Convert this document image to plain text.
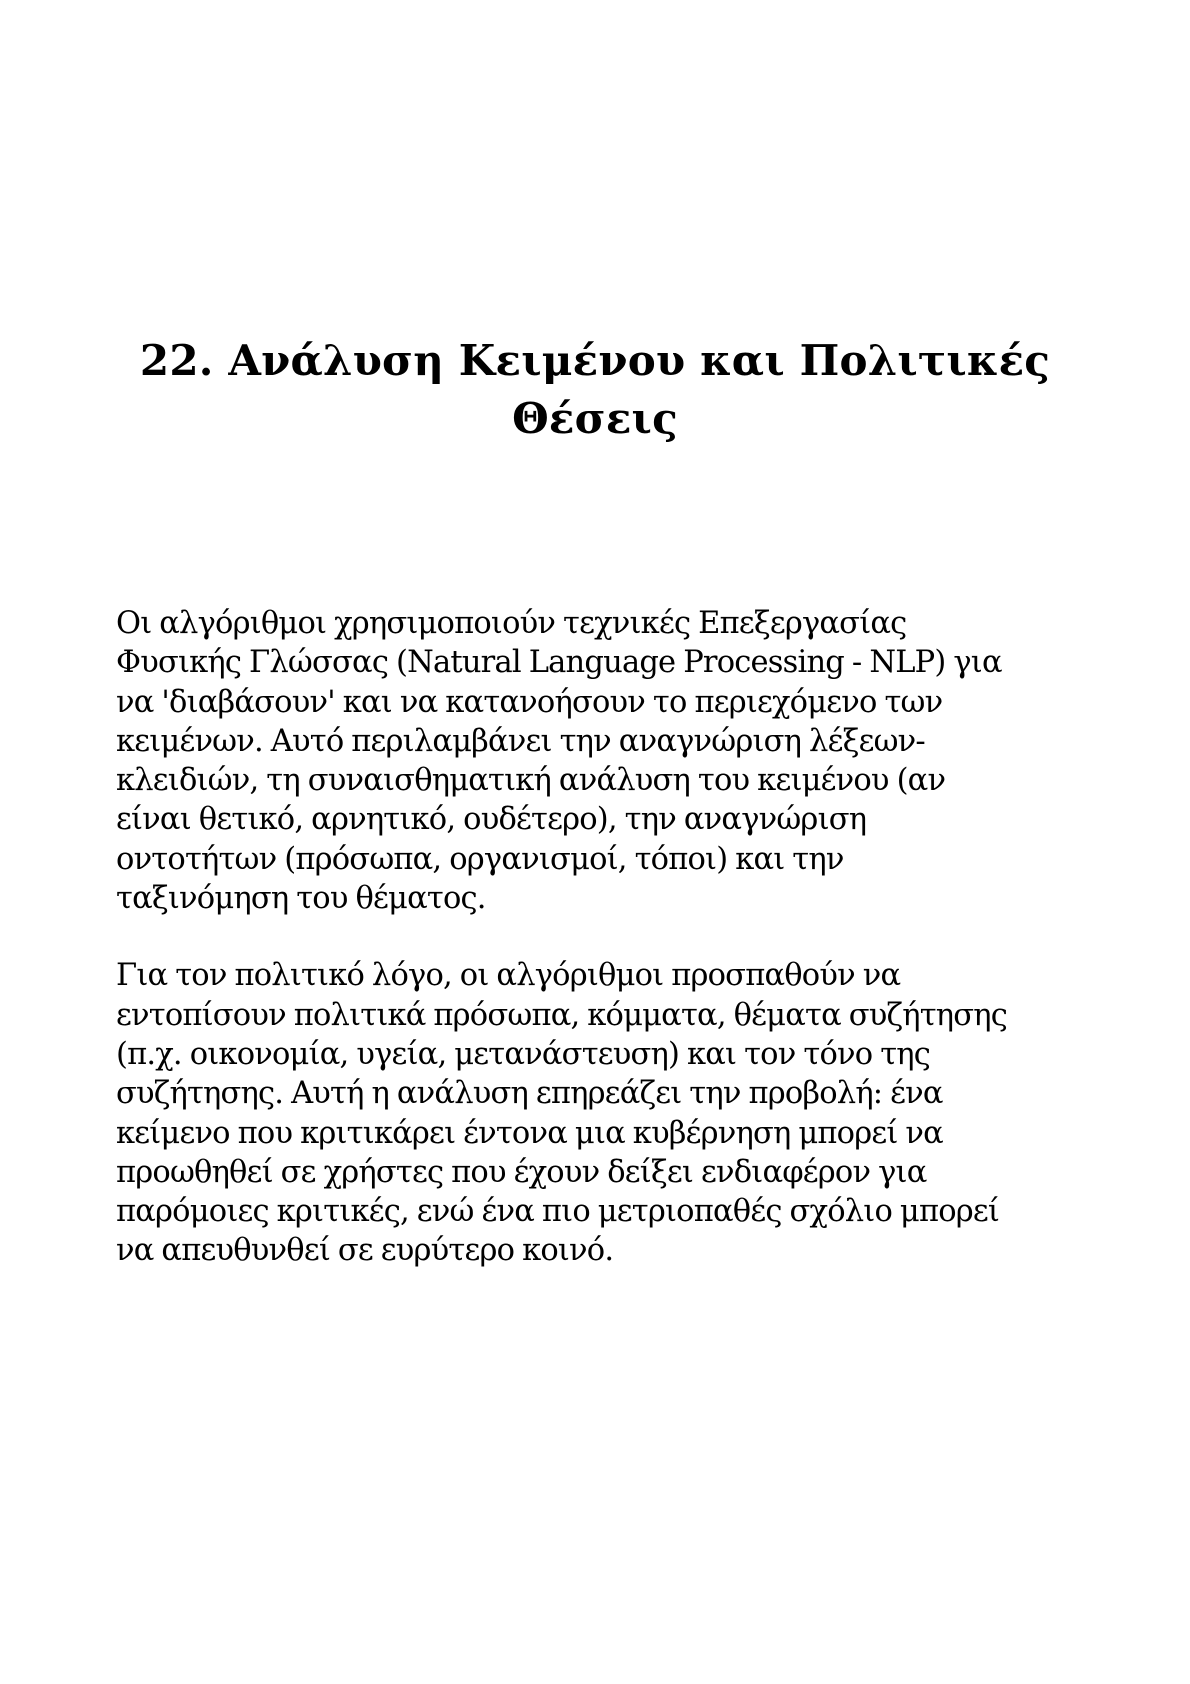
22. Ανάλυση Κειμένου και Πολιτικές
Θέσεις

Οι αλγόριθμοι χρησιμοποιούν τεχνικές Επεξεργασίας
Φυσικής Γλώσσας (Natural Language Processing - NLP) για
να 'διαβάσουν' και να κατανοήσουν το περιεχόμενο των
κειμένων. Αυτό περιλαμβάνει την αναγνώριση λέξεων-
κλειδιών, τη συναισθηματική ανάλυση του κειμένου (αν
είναι θετικό, αρνητικό, ουδέτερο), την αναγνώριση
οντοτήτων (πρόσωπα, οργανισμοί, τόποι) και την
ταξινόμηση του θέματος.

Για τον πολιτικό λόγο, οι αλγόριθμοι προσπαθούν να
εντοπίσουν πολιτικά πρόσωπα, κόμματα, θέματα συζήτησης
(π.χ. οικονομία, υγεία, μετανάστευση) και τον τόνο της
συζήτησης. Αυτή η ανάλυση επηρεάζει την προβολή: ένα
κείμενο που κριτικάρει έντονα μια κυβέρνηση μπορεί να
προωθηθεί σε χρήστες που έχουν δείξει ενδιαφέρον για
παρόμοιες κριτικές, ενώ ένα πιο μετριοπαθές σχόλιο μπορεί
να απευθυνθεί σε ευρύτερο κοινό.
